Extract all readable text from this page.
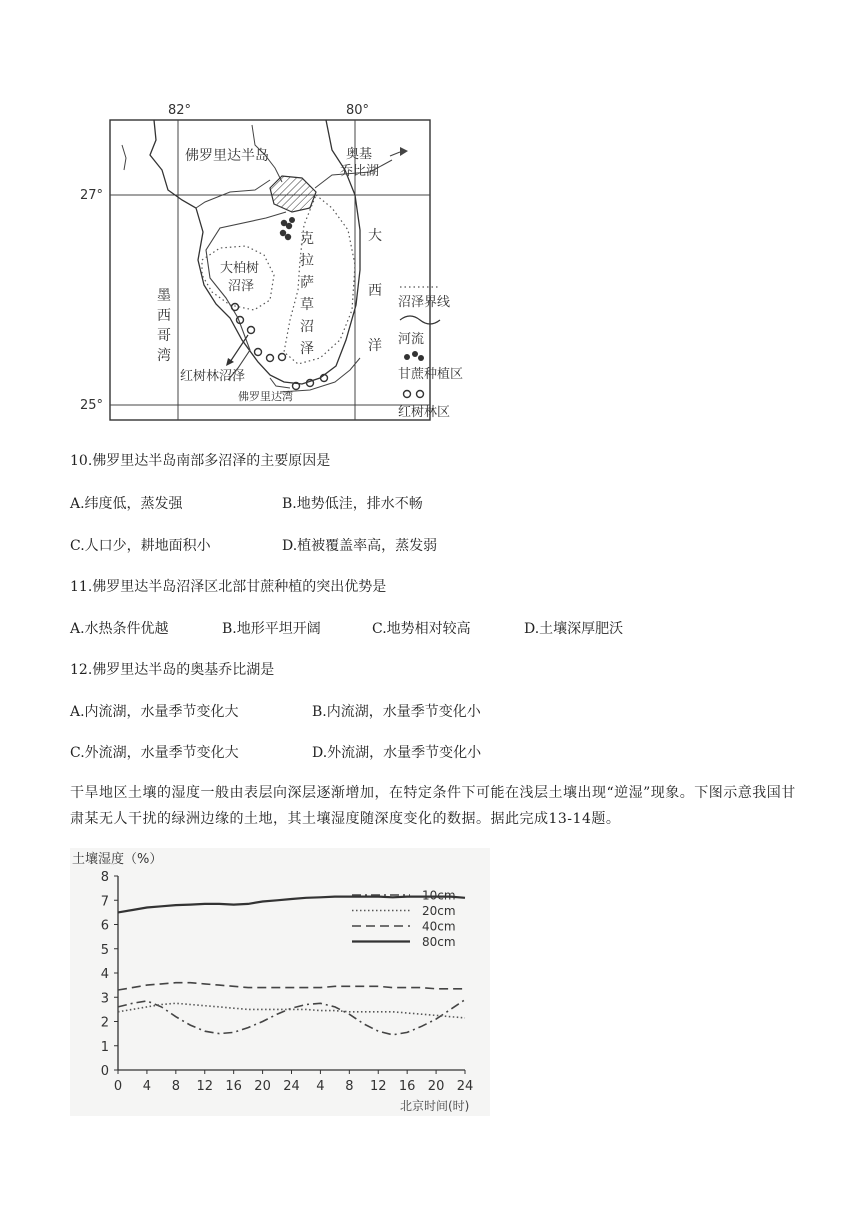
82°	80°
27°
25°
佛罗里达半岛	奥基
乔比湖
墨
西
哥
湾
大
西
洋
大柏树
沼泽
克
拉
萨
草
沼
泽
红树林沼泽
佛罗里达湾
沼泽界线
河流
甘蔗种植区
红树林区
10.佛罗里达半岛南部多沼泽的主要原因是
A.纬度低，蒸发强	B.地势低洼，排水不畅
C.人口少，耕地面积小	D.植被覆盖率高，蒸发弱
11.佛罗里达半岛沼泽区北部甘蔗种植的突出优势是
A.水热条件优越	B.地形平坦开阔	C.地势相对较高	D.土壤深厚肥沃
12.佛罗里达半岛的奥基乔比湖是
A.内流湖，水量季节变化大	B.内流湖，水量季节变化小
C.外流湖，水量季节变化大	D.外流湖，水量季节变化小
干旱地区土壤的湿度一般由表层向深层逐渐增加，在特定条件下可能在浅层土壤出现“逆湿”现象。下图示意我国甘肃某无人干扰的绿洲边缘的土地，其土壤湿度随深度变化的数据。据此完成13-14题。
土壤湿度（%）
北京时间(时)
0
1
2
3
4
5
6
7
8
0 4 8 12 16 20 24 4 8 12 16 20 24
10cm
20cm
40cm
80cm
